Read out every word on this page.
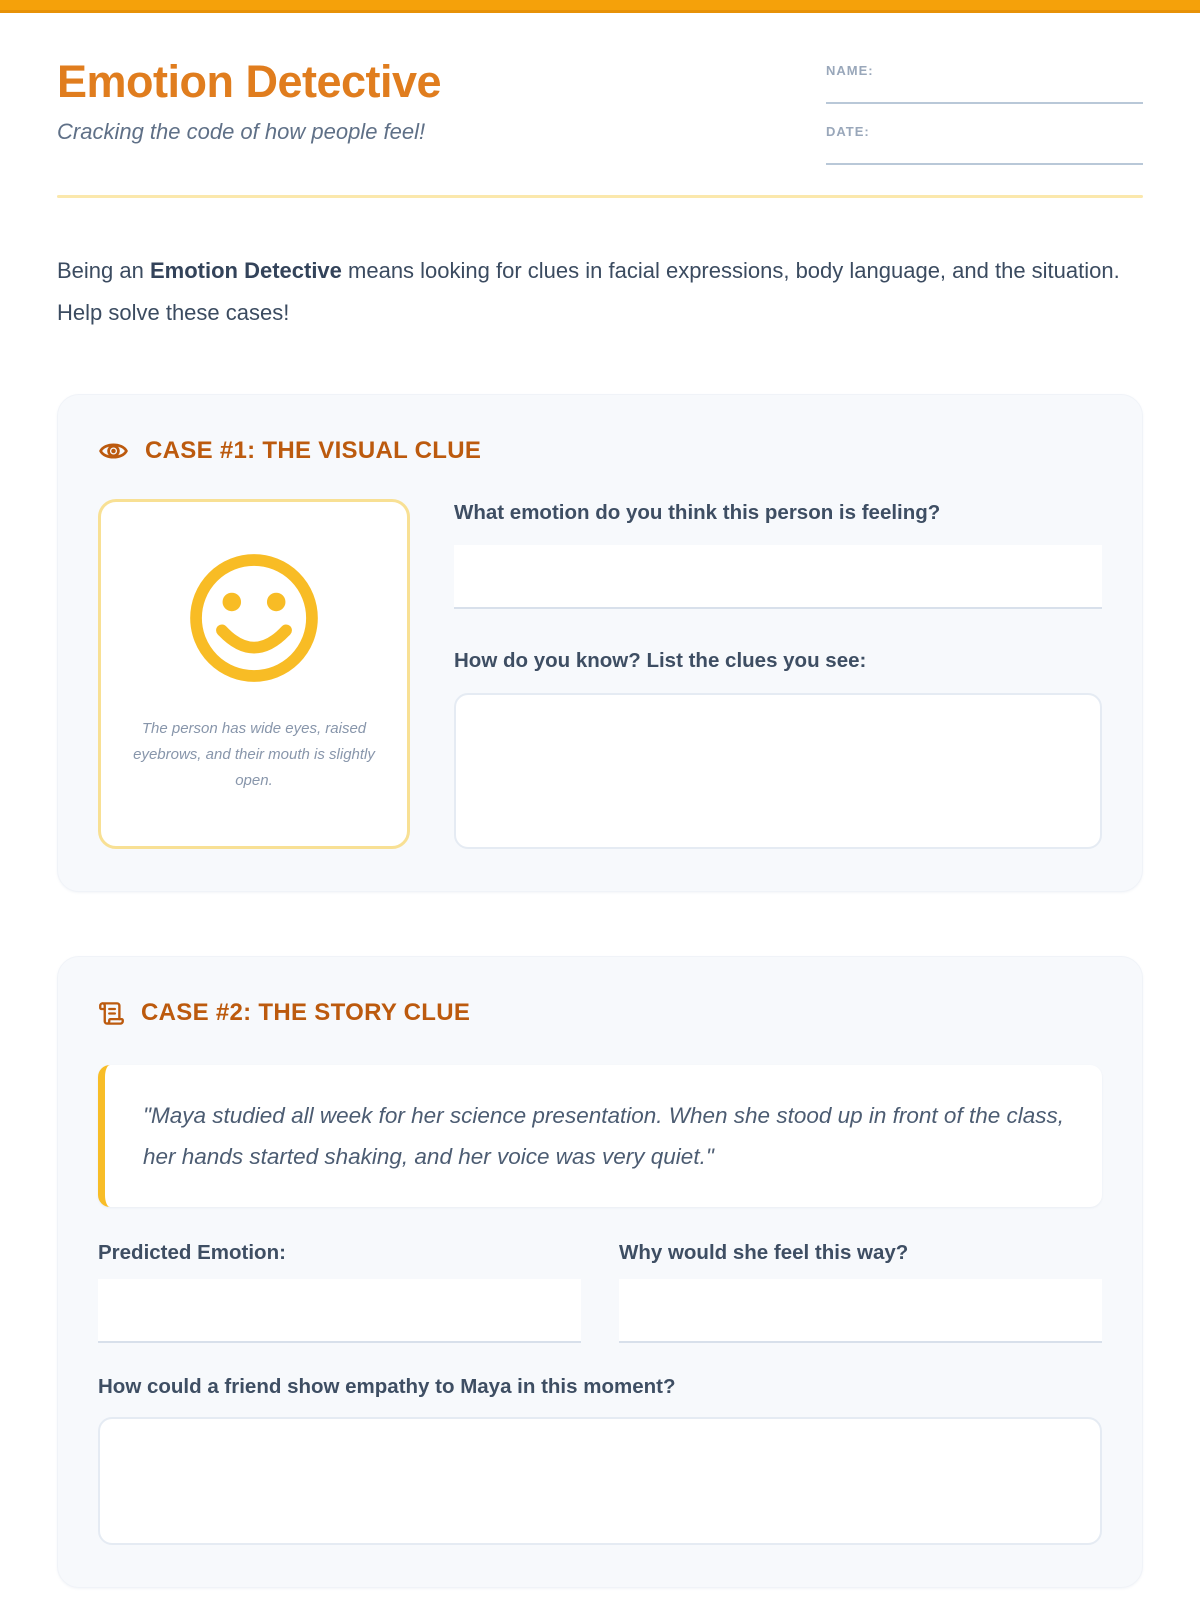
Emotion Detective
Cracking the code of how people feel!
NAME:
DATE:

Being an Emotion Detective means looking for clues in facial expressions, body language, and the situation. Help solve these cases!

CASE #1: THE VISUAL CLUE
The person has wide eyes, raised eyebrows, and their mouth is slightly open.
What emotion do you think this person is feeling?
How do you know? List the clues you see:
CASE #2: THE STORY CLUE
"Maya studied all week for her science presentation. When she stood up in front of the class, her hands started shaking, and her voice was very quiet."
Predicted Emotion:	Why would she feel this way?
How could a friend show empathy to Maya in this moment?
